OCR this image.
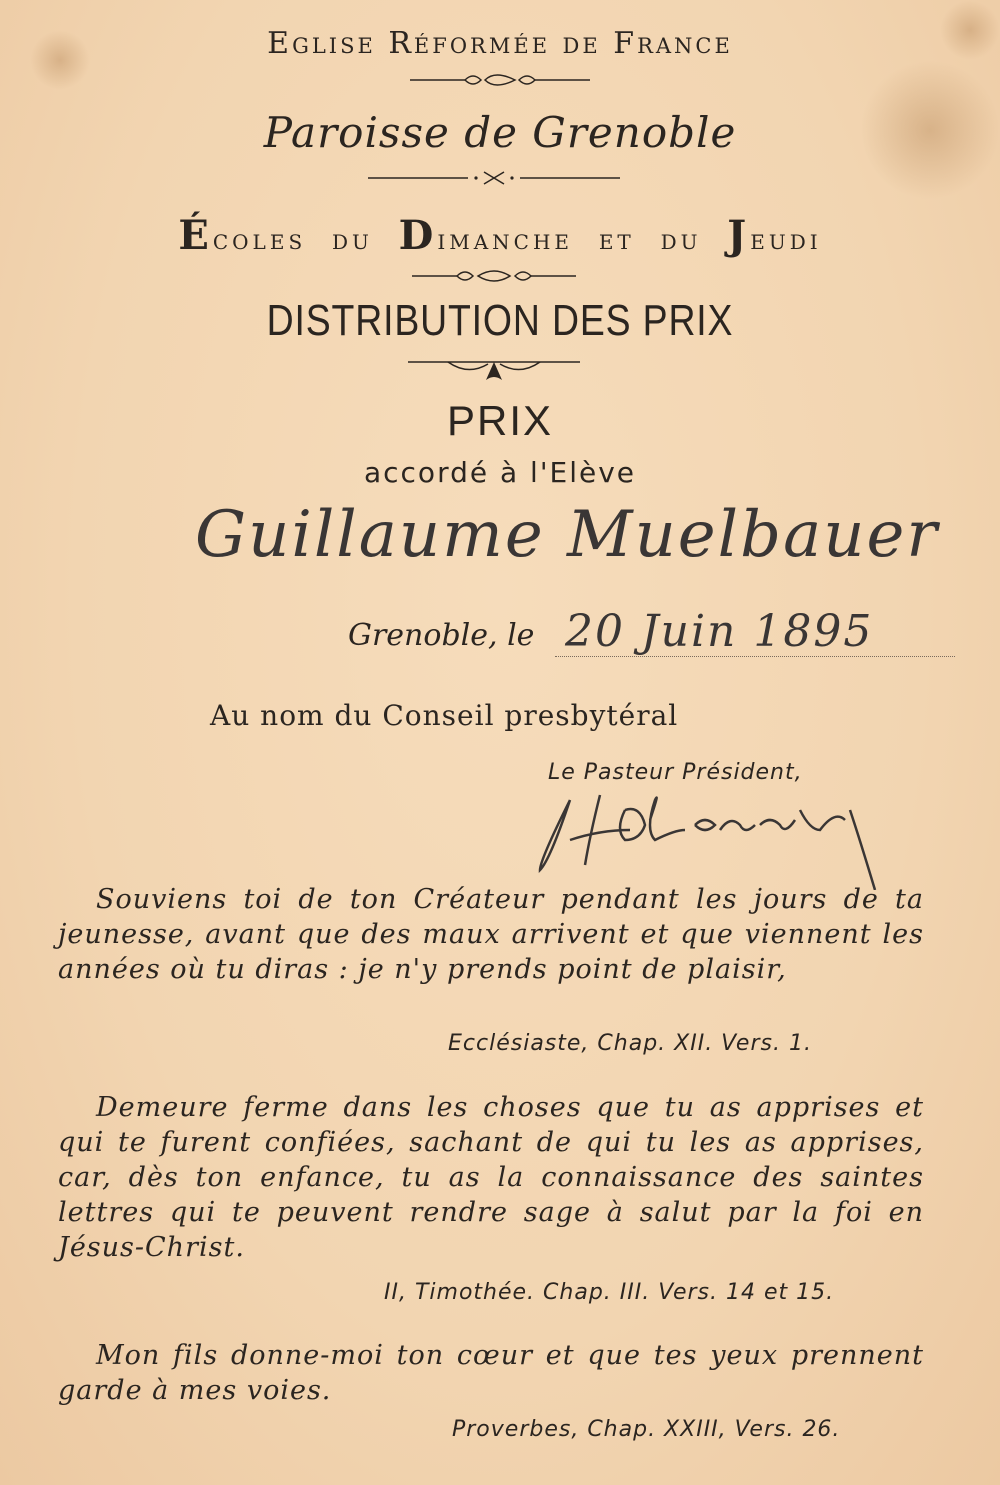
Eglise Réformée de France
Paroisse de Grenoble
Écoles du Dimanche et du Jeudi
DISTRIBUTION DES PRIX
PRIX
accordé à l'Elève
Guillaume Muelbauer
Grenoble, le 20 Juin 1895
Au nom du Conseil presbytéral
Le Pasteur Président,
Souviens toi de ton Créateur pendant les jours de ta jeunesse, avant que des maux arrivent et que viennent les années où tu diras : je n'y prends point de plaisir,
Ecclésiaste, Chap. XII. Vers. 1.
Demeure ferme dans les choses que tu as apprises et qui te furent confiées, sachant de qui tu les as apprises, car, dès ton enfance, tu as la connaissance des saintes lettres qui te peuvent rendre sage à salut par la foi en Jésus-Christ.
II, Timothée. Chap. III. Vers. 14 et 15.
Mon fils donne-moi ton cœur et que tes yeux prennent garde à mes voies.
Proverbes, Chap. XXIII, Vers. 26.
